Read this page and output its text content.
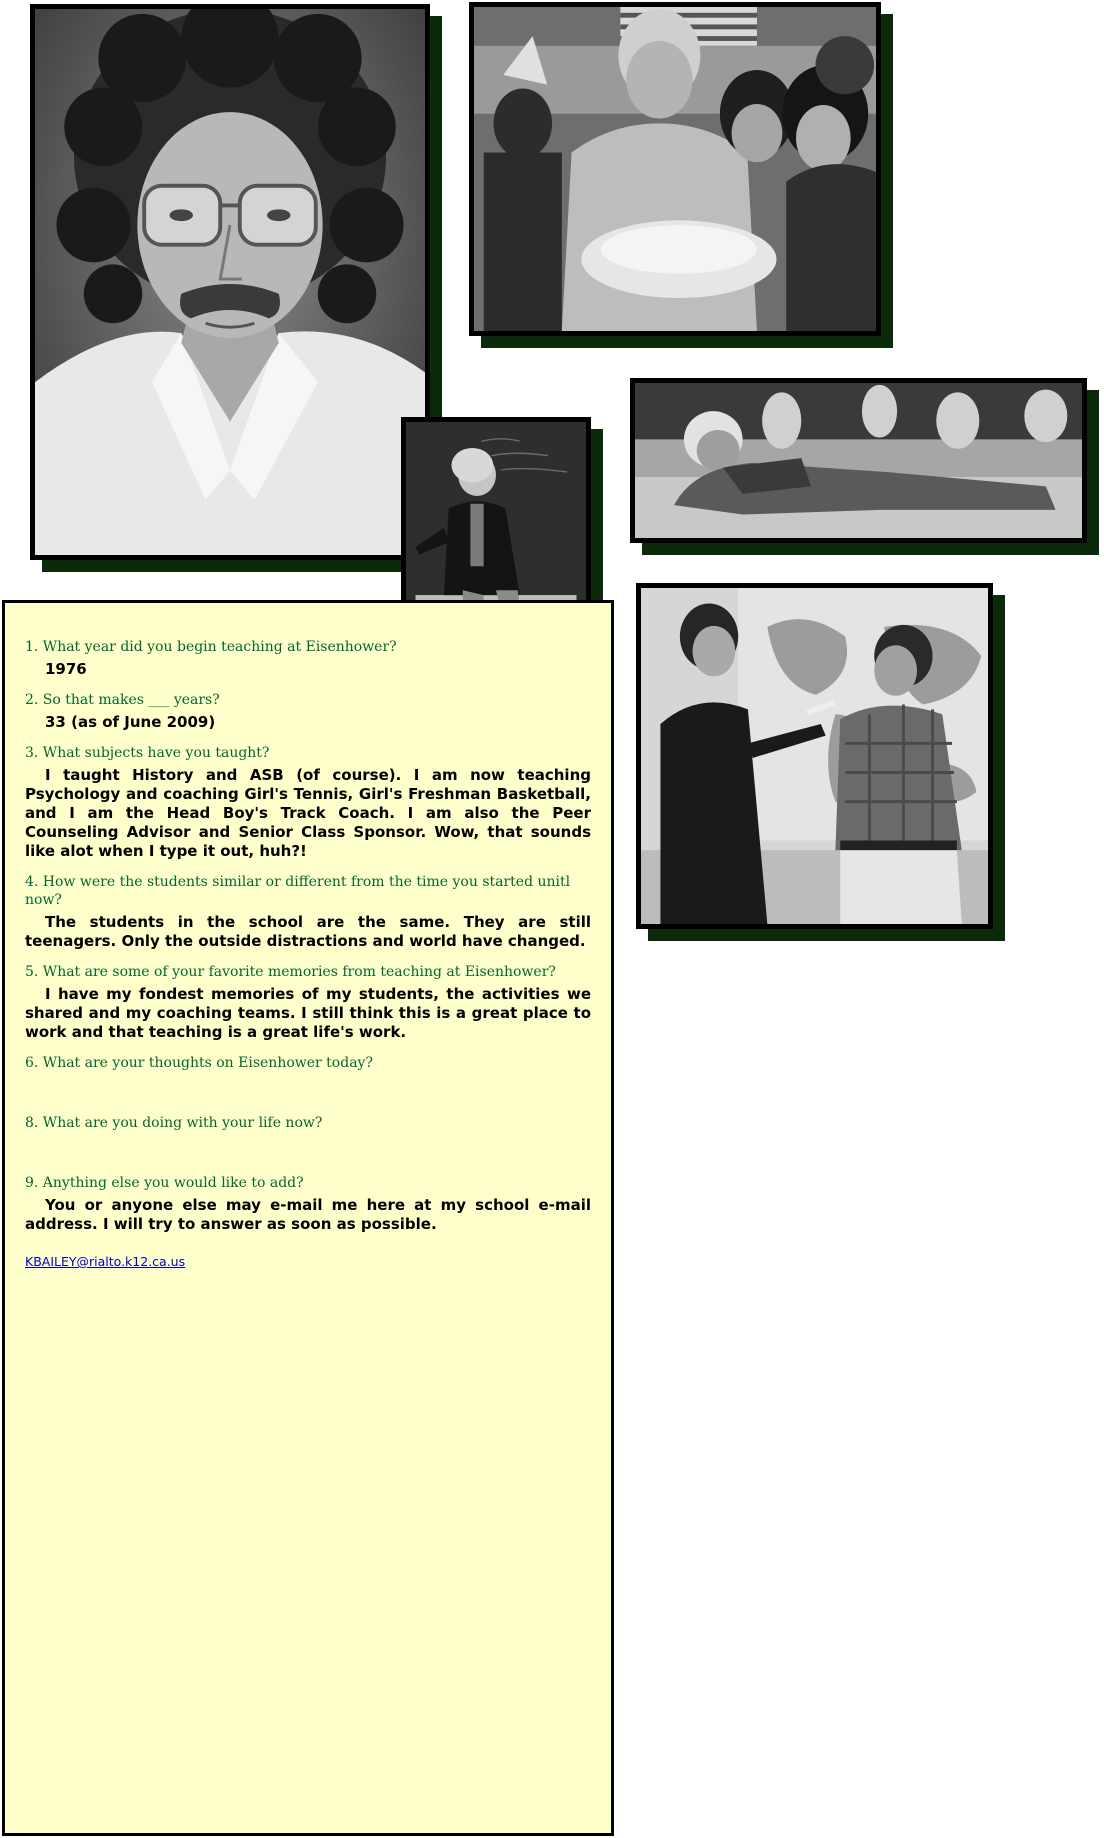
1. What year did you begin teaching at Eisenhower?

1976

2. So that makes ___ years?

33 (as of June 2009)

3. What subjects have you taught?

I taught History and ASB (of course). I am now teaching Psychology and coaching Girl's Tennis, Girl's Freshman Basketball, and I am the Head Boy's Track Coach. I am also the Peer Counseling Advisor and Senior Class Sponsor. Wow, that sounds like alot when I type it out, huh?!

4. How were the students similar or different from the time you started unitl now?

The students in the school are the same. They are still teenagers. Only the outside distractions and world have changed.

5. What are some of your favorite memories from teaching at Eisenhower?

I have my fondest memories of my students, the activities we shared and my coaching teams. I still think this is a great place to work and that teaching is a great life's work.

6. What are your thoughts on Eisenhower today?

8. What are you doing with your life now?

9. Anything else you would like to add?

You or anyone else may e-mail me here at my school e-mail address. I will try to answer as soon as possible.

KBAILEY@rialto.k12.ca.us
